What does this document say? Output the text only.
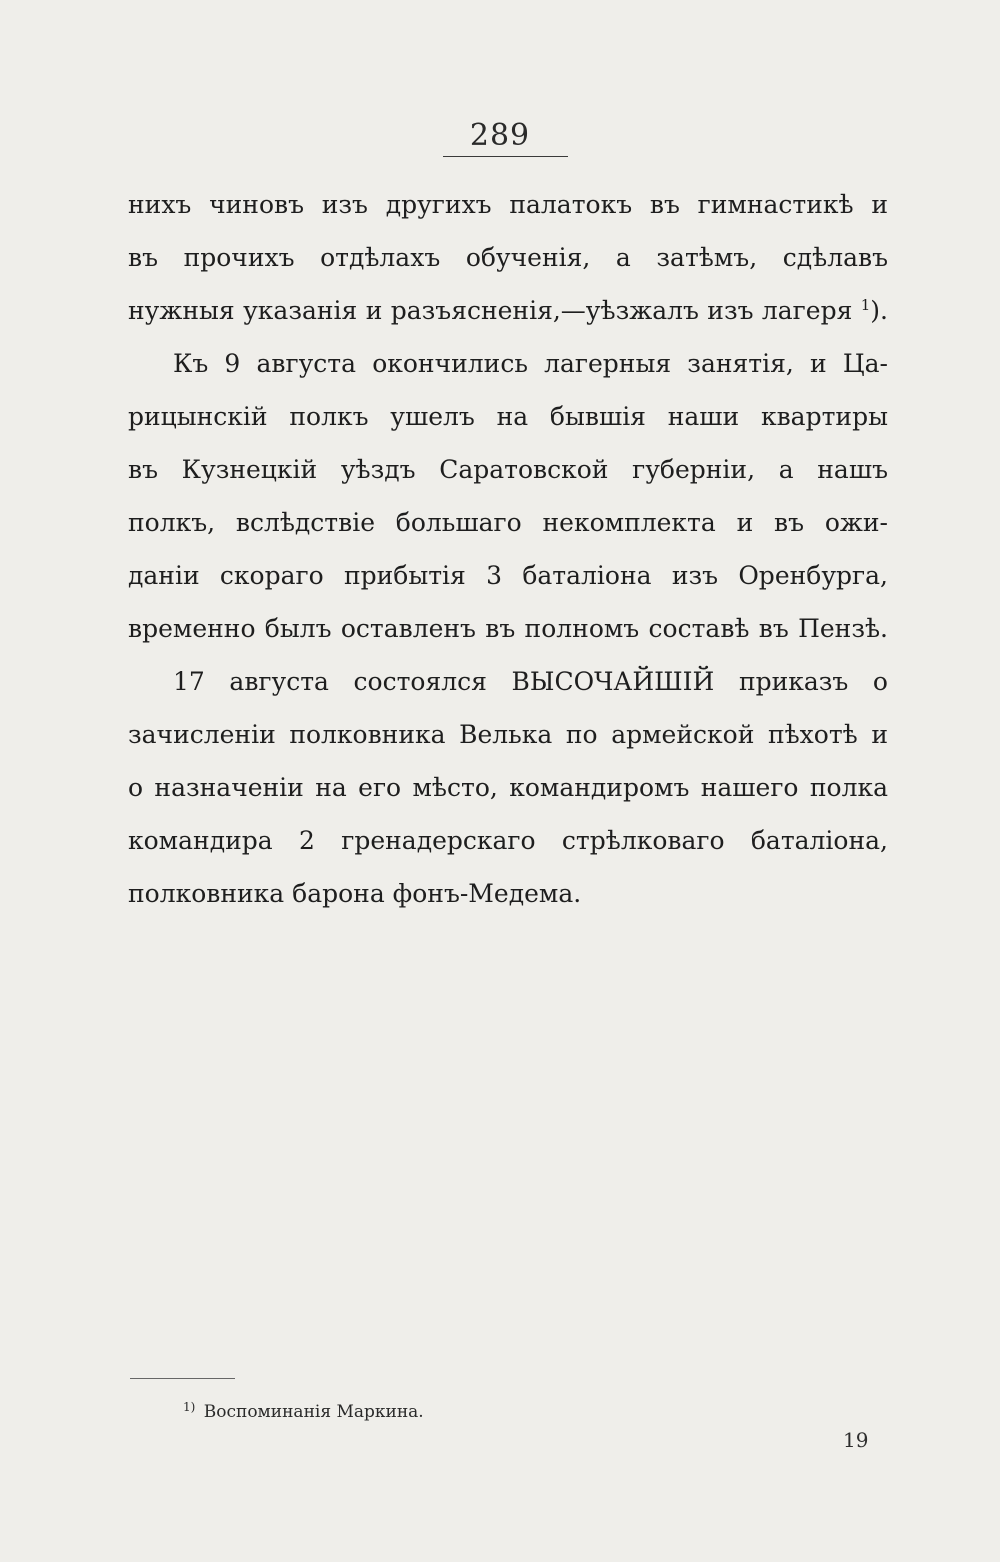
289
нихъ чиновъ изъ другихъ палатокъ въ гимнастикѣ и
въ прочихъ отдѣлахъ обученія, а затѣмъ, сдѣлавъ
нужныя указанія и разъясненія,—уѣзжалъ изъ лагеря $^1$).
Къ 9 августа окончились лагерныя занятія, и Ца-
рицынскій полкъ ушелъ на бывшія наши квартиры
въ Кузнецкій уѣздъ Саратовской губерніи, а нашъ
полкъ, вслѣдствіе большаго некомплекта и въ ожи-
даніи скораго прибытія 3 баталіона изъ Оренбурга,
временно былъ оставленъ въ полномъ составѣ въ Пензѣ.
17 августа состоялся ВЫСОЧАЙШІЙ приказъ о
зачисленіи полковника Велька по армейской пѣхотѣ и
о назначеніи на его мѣсто, командиромъ нашего полка
командира 2 гренадерскаго стрѣлковаго баталіона,
полковника барона фонъ-Медема.
$^{1)}$ Воспоминанія Маркина.
19
